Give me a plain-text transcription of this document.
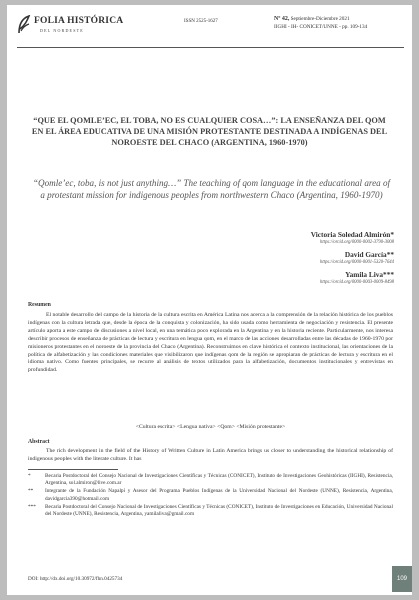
FOLIA HISTÓRICA
DEL NORDESTE
ISSN 2525-1627	Nº 42, Septiembre-Diciembre 2021
IIGHI - IH- CONICET/UNNE - pp. 109-134
“QUE EL QOMLE’EC, EL TOBA, NO ES CUALQUIER COSA…”: LA ENSEÑANZA DEL QOM EN EL ÁREA EDUCATIVA DE UNA MISIÓN PROTESTANTE DESTINADA A INDÍGENAS DEL NOROESTE DEL CHACO (ARGENTINA, 1960-1970)
“Qomle’ec, toba, is not just anything…” The teaching of qom language in the educational area of a protestant mission for indigenous peoples from northwestern Chaco (Argentina, 1960-1970)
Victoria Soledad Almirón*
https://orcid.org/0000-0002-3790-3008
David García**
https://orcid.org/0000-0001-5320-7644
Yamila Liva***
https://orcid.org/0000-0003-0009-8498
Resumen
El notable desarrollo del campo de la historia de la cultura escrita en América Latina nos acerca a la comprensión de la relación histórica de los pueblos indígenas con la cultura letrada que, desde la época de la conquista y colonización, ha sido usada como herramienta de negociación y resistencia. El presente artículo aporta a este campo de discusiones a nivel local, en una temática poco explorada en la Argentina y en la historia reciente. Particularmente, nos interesa describir procesos de enseñanza de prácticas de lectura y escritura en lengua qom, en el marco de las acciones desarrolladas entre las décadas de 1960-1970 por misioneros protestantes en el noroeste de la provincia del Chaco (Argentina). Reconstruimos en clave histórica el contexto institucional, las orientaciones de la política de alfabetización y las condiciones materiales que visibilizaron que indígenas qom de la región se apropiaran de prácticas de lectura y escritura en el idioma nativo. Como fuentes principales, se recurre al análisis de textos utilizados para la alfabetización, documentos institucionales y entrevistas en profundidad.
<Cultura escrita> <Lengua nativa> <Qom> <Misión protestante>
Abstract
The rich development in the field of the History of Written Culture in Latin America brings us closer to understanding the historical relationship of indigenous peoples with the literate culture. It has
*	Becaria Postdoctoral del Consejo Nacional de Investigaciones Científicas y Técnicas (CONICET), Instituto de Investigaciones Geohistóricas (IIGHI), Resistencia, Argentina, sol.almiron@live.com.ar
** Integrante de la Fundación Napalpí y Asesor del Programa Pueblos Indígenas de la Universidad Nacional del Nordeste (UNNE), Resistencia, Argentina, davidgarcia390@hotmail.com
*** Becaria Postdoctoral del Consejo Nacional de Investigaciones Científicas y Técnicas (CONICET), Instituto de Investigaciones en Educación, Universidad Nacional del Nordeste (UNNE), Resistencia, Argentina, yamilaliva@gmail.com
DOI: http://dx.doi.org/10.30972/fhn.0425734	109
